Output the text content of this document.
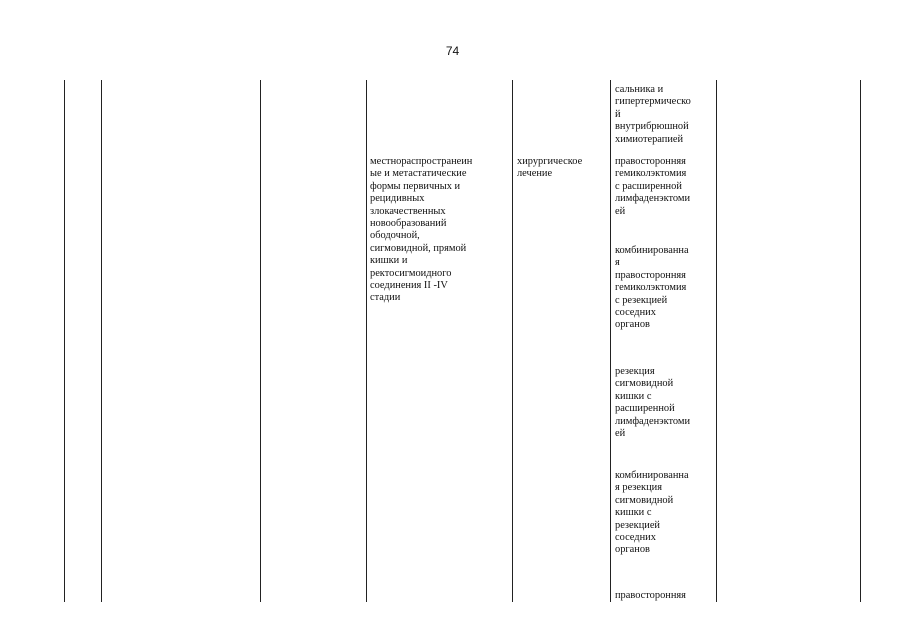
74
местнораспространеин
ые и метастатические
формы первичных и
рецидивных
злокачественных
новообразований
ободочной,
сигмовидной, прямой
кишки и
ректосигмоидного
соединения II -IV
стадии
хирургическое
лечение

сальника и
гипертермическо
й
внутрибрюшной
химиотерапией

правосторонняя
гемиколэктомия
с расширенной
лимфаденэктоми
ей

комбинированна
я
правосторонняя
гемиколэктомия
с резекцией
соседних
органов

резекция
сигмовидной
кишки с
расширенной
лимфаденэктоми
ей

комбинированна
я резекция
сигмовидной
кишки с
резекцией
соседних
органов

правосторонняя
